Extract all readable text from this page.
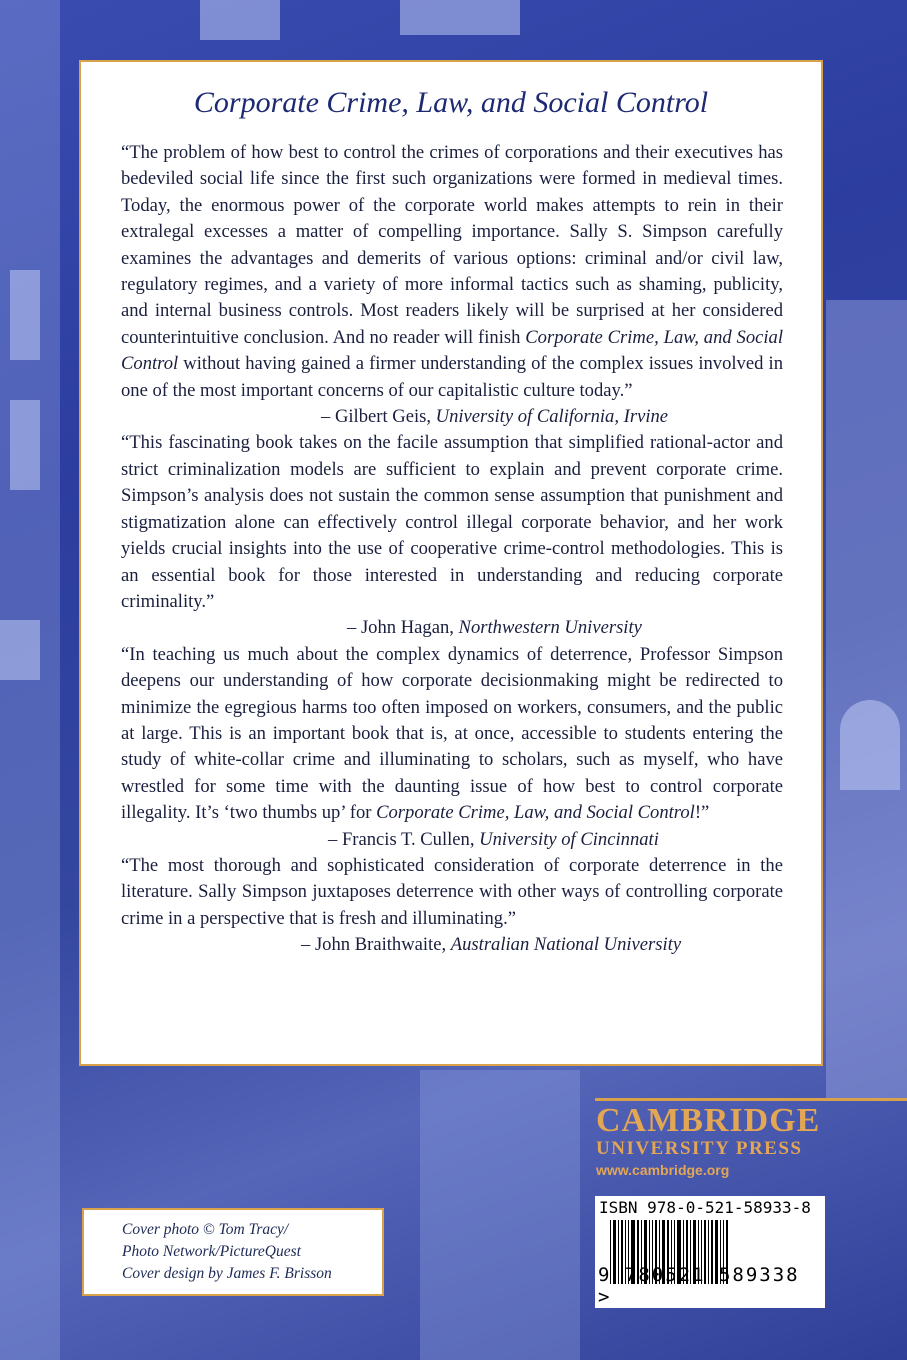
Corporate Crime, Law, and Social Control

“The problem of how best to control the crimes of corporations and their executives has bedeviled social life since the first such organizations were formed in medieval times. Today, the enormous power of the corporate world makes attempts to rein in their extralegal excesses a matter of compelling importance. Sally S. Simpson carefully examines the advantages and demerits of various options: criminal and/or civil law, regulatory regimes, and a variety of more informal tactics such as shaming, publicity, and internal business controls. Most readers likely will be surprised at her considered counterintuitive conclusion. And no reader will finish Corporate Crime, Law, and Social Control without having gained a firmer understanding of the complex issues involved in one of the most important concerns of our capitalistic culture today.”

– Gilbert Geis, University of California, Irvine

“This fascinating book takes on the facile assumption that simplified rational-actor and strict criminalization models are sufficient to explain and prevent corporate crime. Simpson’s analysis does not sustain the common sense assumption that punishment and stigmatization alone can effectively control illegal corporate behavior, and her work yields crucial insights into the use of cooperative crime-control methodologies. This is an essential book for those interested in understanding and reducing corporate criminality.”

– John Hagan, Northwestern University

“In teaching us much about the complex dynamics of deterrence, Professor Simpson deepens our understanding of how corporate decisionmaking might be redirected to minimize the egregious harms too often imposed on workers, consumers, and the public at large. This is an important book that is, at once, accessible to students entering the study of white-collar crime and illuminating to scholars, such as myself, who have wrestled for some time with the daunting issue of how best to control corporate illegality. It’s ‘two thumbs up’ for Corporate Crime, Law, and Social Control!”

– Francis T. Cullen, University of Cincinnati

“The most thorough and sophisticated consideration of corporate deterrence in the literature. Sally Simpson juxtaposes deterrence with other ways of controlling corporate crime in a perspective that is fresh and illuminating.”

– John Braithwaite, Australian National University

CAMBRIDGE
UNIVERSITY PRESS
www.cambridge.org
ISBN 978-0-521-58933-8
9 780521 589338 >
Cover photo © Tom Tracy/
Photo Network/PictureQuest
Cover design by James F. Brisson
